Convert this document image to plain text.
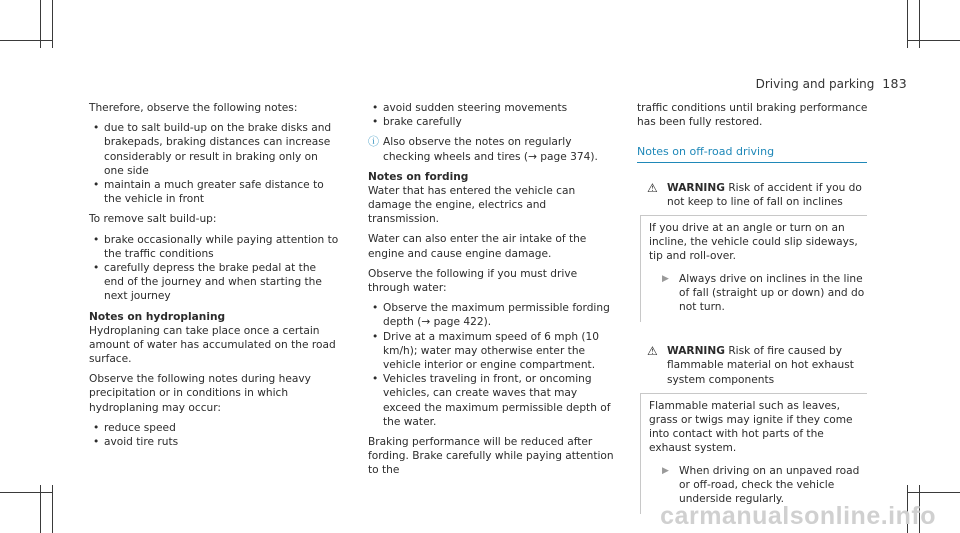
Driving and parking 183

Therefore, observe the following notes:

• due to salt build-up on the brake disks and brakepads, braking distances can increase considerably or result in braking only on one side
• maintain a much greater safe distance to the vehicle in front

To remove salt build-up:

• brake occasionally while paying attention to the traffic conditions
• carefully depress the brake pedal at the end of the journey and when starting the next journey
Notes on hydroplaning

Hydroplaning can take place once a certain amount of water has accumulated on the road surface.

Observe the following notes during heavy precipitation or in conditions in which hydroplaning may occur:

• reduce speed
• avoid tire ruts
• avoid sudden steering movements
• brake carefully
ⓘ Also observe the notes on regularly checking wheels and tires (→ page 374).
Notes on fording

Water that has entered the vehicle can damage the engine, electrics and transmission.

Water can also enter the air intake of the engine and cause engine damage.

Observe the following if you must drive through water:

• Observe the maximum permissible fording depth (→ page 422).
• Drive at a maximum speed of 6 mph (10 km/h); water may otherwise enter the vehicle interior or engine compartment.
• Vehicles traveling in front, or oncoming vehicles, can create waves that may exceed the maximum permissible depth of the water.

Braking performance will be reduced after fording. Brake carefully while paying attention to the

traffic conditions until braking performance has been fully restored.

Notes on off-road driving
⚠ WARNING Risk of accident if you do not keep to line of fall on inclines
If you drive at an angle or turn on an incline, the vehicle could slip sideways, tip and roll-over.
▶ Always drive on inclines in the line of fall (straight up or down) and do not turn.
⚠ WARNING Risk of fire caused by flammable material on hot exhaust system components
Flammable material such as leaves, grass or twigs may ignite if they come into contact with hot parts of the exhaust system.
▶ When driving on an unpaved road or off-road, check the vehicle underside regularly.
carmanualsonline.info
